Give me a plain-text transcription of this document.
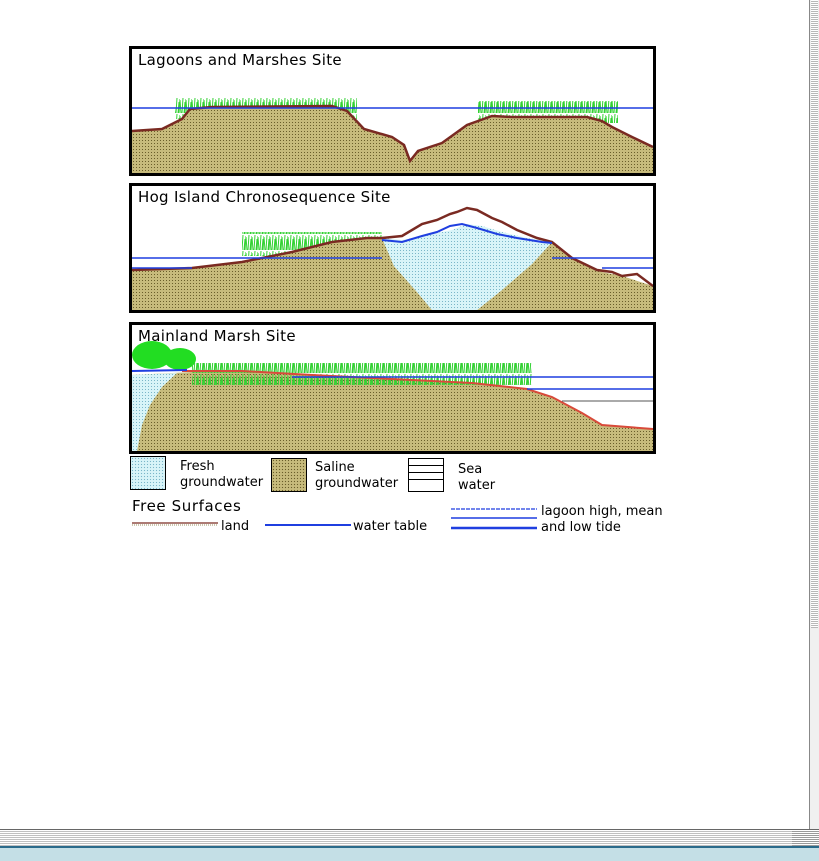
Lagoons and Marshes Site
Hog Island Chronosequence Site
Mainland Marsh Site
Fresh
groundwater
Saline
groundwater
Sea
water
Free Surfaces
land	water table
lagoon high, mean
and low tide
